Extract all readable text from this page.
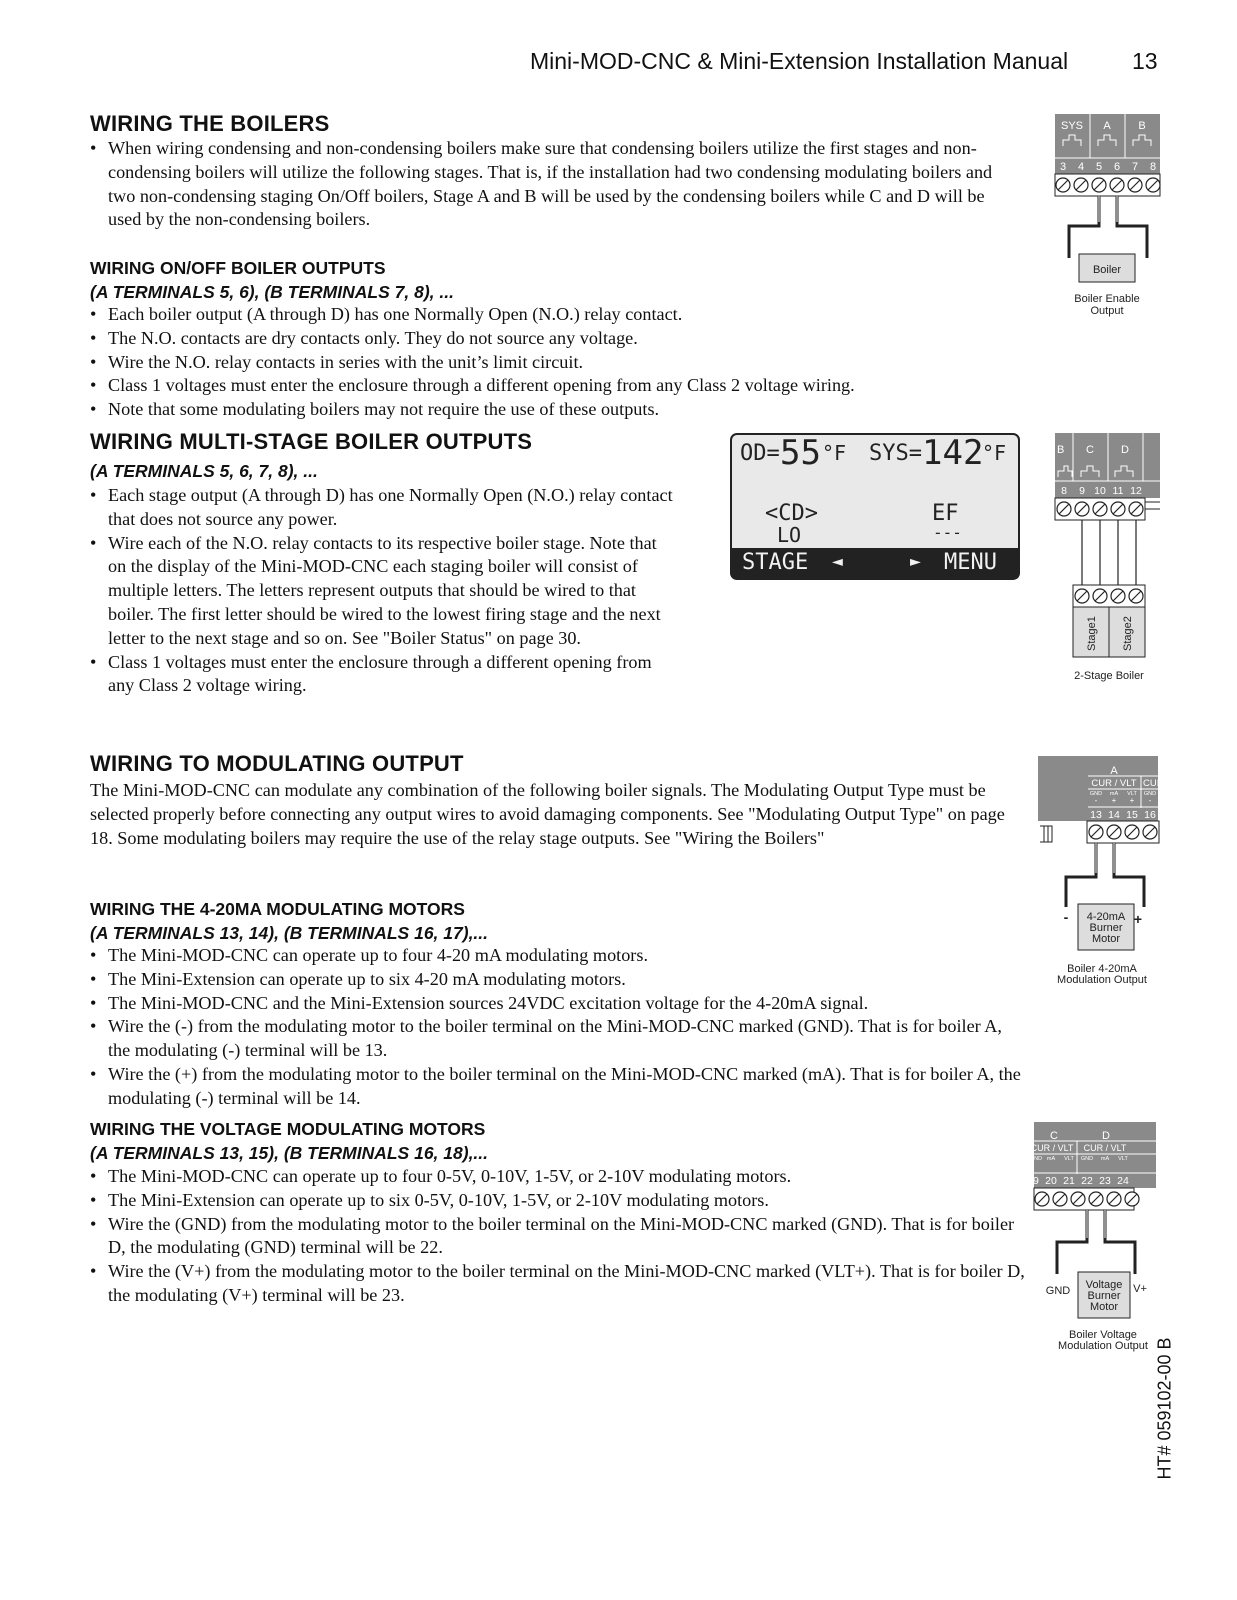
Mini-MOD-CNC & Mini-Extension Installation Manual	13
WIRING THE BOILERS
• When wiring condensing and non-condensing boilers make sure that condensing boilers utilize the first stages and non-condensing boilers will utilize the following stages. That is, if the installation had two condensing modulating boilers and two non-condensing staging On/Off boilers, Stage A and B will be used by the condensing boilers while C and D will be used by the non-condensing boilers.
WIRING ON/OFF BOILER OUTPUTS
(A TERMINALS 5, 6), (B TERMINALS 7, 8), ...
• Each boiler output (A through D) has one Normally Open (N.O.) relay contact.
• The N.O. contacts are dry contacts only. They do not source any voltage.
• Wire the N.O. relay contacts in series with the unit’s limit circuit.
• Class 1 voltages must enter the enclosure through a different opening from any Class 2 voltage wiring.
• Note that some modulating boilers may not require the use of these outputs.
WIRING MULTI-STAGE BOILER OUTPUTS
(A TERMINALS 5, 6, 7, 8), ...
• Each stage output (A through D) has one Normally Open (N.O.) relay contact that does not source any power.
• Wire each of the N.O. relay contacts to its respective boiler stage. Note that on the display of the Mini-MOD-CNC each staging boiler will consist of multiple letters. The letters represent outputs that should be wired to that boiler. The first letter should be wired to the lowest firing stage and the next letter to the next stage and so on. See "Boiler Status" on page 30.
• Class 1 voltages must enter the enclosure through a different opening from any Class 2 voltage wiring.
OD= 55 °F SYS= 142
°F
<CD>
LO
EF
---
STAGE ◄	► MENU
WIRING TO MODULATING OUTPUT
The Mini-MOD-CNC can modulate any combination of the following boiler signals. The Modulating Output Type must be selected properly before connecting any output wires to avoid damaging components. See "Modulating Output Type" on page 18. Some modulating boilers may require the use of the relay stage outputs. See "Wiring the Boilers"
WIRING THE 4-20MA MODULATING MOTORS
(A TERMINALS 13, 14), (B TERMINALS 16, 17),...
• The Mini-MOD-CNC can operate up to four 4-20 mA modulating motors.
• The Mini-Extension can operate up to six 4-20 mA modulating motors.
• The Mini-MOD-CNC and the Mini-Extension sources 24VDC excitation voltage for the 4-20mA signal.
• Wire the (-) from the modulating motor to the boiler terminal on the Mini-MOD-CNC marked (GND). That is for boiler A, the modulating (-) terminal will be 13.
• Wire the (+) from the modulating motor to the boiler terminal on the Mini-MOD-CNC marked (mA). That is for boiler A, the modulating (-) terminal will be 14.
WIRING THE VOLTAGE MODULATING MOTORS
(A TERMINALS 13, 15), (B TERMINALS 16, 18),...
• The Mini-MOD-CNC can operate up to four 0-5V, 0-10V, 1-5V, or 2-10V modulating motors.
• The Mini-Extension can operate up to six 0-5V, 0-10V, 1-5V, or 2-10V modulating motors.
• Wire the (GND) from the modulating motor to the boiler terminal on the Mini-MOD-CNC marked (GND). That is for boiler D, the modulating (GND) terminal will be 22.
• Wire the (V+) from the modulating motor to the boiler terminal on the Mini-MOD-CNC marked (VLT+). That is for boiler D, the modulating (V+) terminal will be 23.
SYS A	B
3 4 5 6 7 8
Boiler
Boiler Enable
Output
B C D
8 9 10 11 12
Stage1 Stage2
2-Stage Boiler
A
CUR / VLT CUI
GND mA VLT GND
- + + -
13 14 15 16
-	+
4-20mA
Burner
Motor
Boiler 4-20mA
Modulation Output
C	D
CUR / VLT CUR / VLT
GND mA VLT GND mA VLT
19 20 21 22 23 24
GND	V+
Voltage
Burner
Motor
Boiler Voltage
Modulation Output HT# 059102-00 B
